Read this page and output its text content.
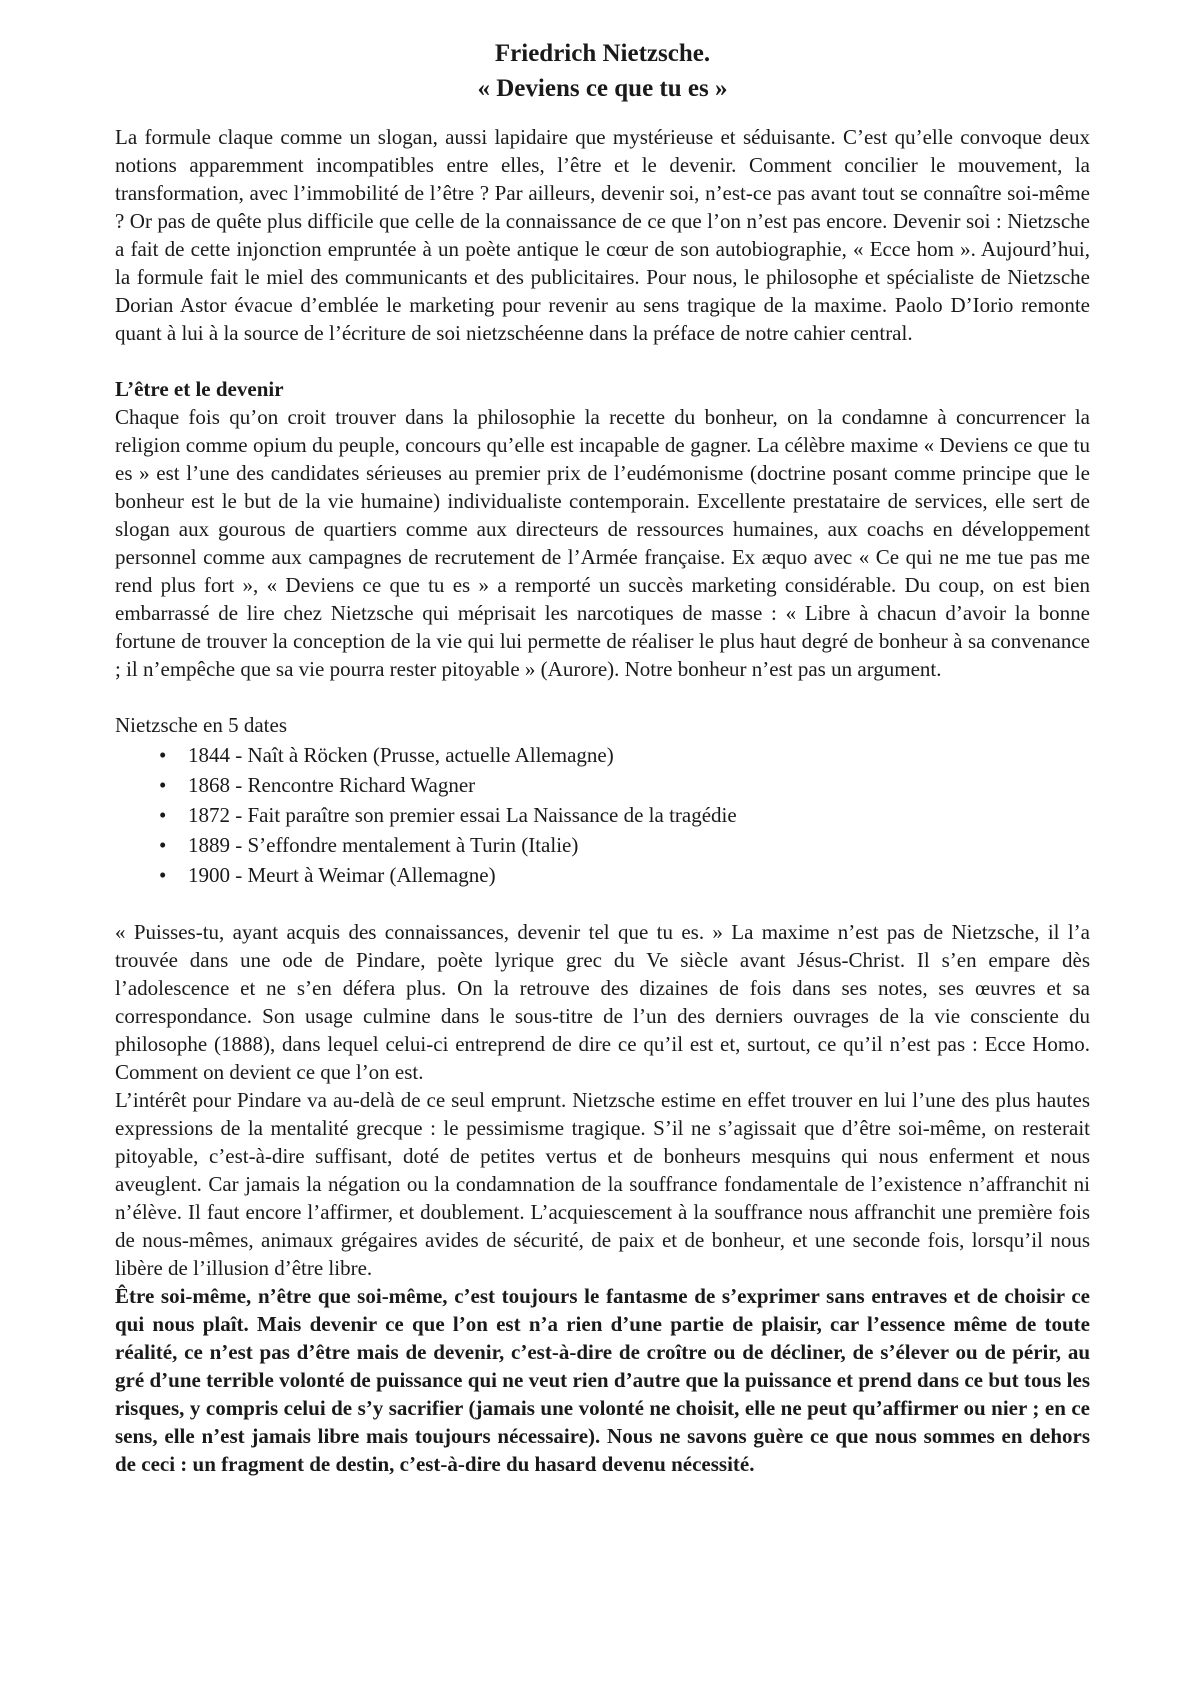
Friedrich Nietzsche.
« Deviens ce que tu es »

La formule claque comme un slogan, aussi lapidaire que mystérieuse et séduisante. C’est qu’elle convoque deux notions apparemment incompatibles entre elles, l’être et le devenir. Comment concilier le mouvement, la transformation, avec l’immobilité de l’être ? Par ailleurs, devenir soi, n’est-ce pas avant tout se connaître soi-même ? Or pas de quête plus difficile que celle de la connaissance de ce que l’on n’est pas encore. Devenir soi : Nietzsche a fait de cette injonction empruntée à un poète antique le cœur de son autobiographie, « Ecce hom ». Aujourd’hui, la formule fait le miel des communicants et des publicitaires. Pour nous, le philosophe et spécialiste de Nietzsche Dorian Astor évacue d’emblée le marketing pour revenir au sens tragique de la maxime. Paolo D’Iorio remonte quant à lui à la source de l’écriture de soi nietzschéenne dans la préface de notre cahier central.

L’être et le devenir

Chaque fois qu’on croit trouver dans la philosophie la recette du bonheur, on la condamne à concurrencer la religion comme opium du peuple, concours qu’elle est incapable de gagner. La célèbre maxime « Deviens ce que tu es » est l’une des candidates sérieuses au premier prix de l’eudémonisme (doctrine posant comme principe que le bonheur est le but de la vie humaine) individualiste contemporain. Excellente prestataire de services, elle sert de slogan aux gourous de quartiers comme aux directeurs de ressources humaines, aux coachs en développement personnel comme aux campagnes de recrutement de l’Armée française. Ex æquo avec « Ce qui ne me tue pas me rend plus fort », « Deviens ce que tu es » a remporté un succès marketing considérable. Du coup, on est bien embarrassé de lire chez Nietzsche qui méprisait les narcotiques de masse : « Libre à chacun d’avoir la bonne fortune de trouver la conception de la vie qui lui permette de réaliser le plus haut degré de bonheur à sa convenance ; il n’empêche que sa vie pourra rester pitoyable » (Aurore). Notre bonheur n’est pas un argument.

Nietzsche en 5 dates

• 1844 - Naît à Röcken (Prusse, actuelle Allemagne)
• 1868 - Rencontre Richard Wagner
• 1872 - Fait paraître son premier essai La Naissance de la tragédie
• 1889 - S’effondre mentalement à Turin (Italie)
• 1900 - Meurt à Weimar (Allemagne)

« Puisses-tu, ayant acquis des connaissances, devenir tel que tu es. » La maxime n’est pas de Nietzsche, il l’a trouvée dans une ode de Pindare, poète lyrique grec du Ve siècle avant Jésus-Christ. Il s’en empare dès l’adolescence et ne s’en défera plus. On la retrouve des dizaines de fois dans ses notes, ses œuvres et sa correspondance. Son usage culmine dans le sous-titre de l’un des derniers ouvrages de la vie consciente du philosophe (1888), dans lequel celui-ci entreprend de dire ce qu’il est et, surtout, ce qu’il n’est pas : Ecce Homo. Comment on devient ce que l’on est.

L’intérêt pour Pindare va au-delà de ce seul emprunt. Nietzsche estime en effet trouver en lui l’une des plus hautes expressions de la mentalité grecque : le pessimisme tragique. S’il ne s’agissait que d’être soi-même, on resterait pitoyable, c’est-à-dire suffisant, doté de petites vertus et de bonheurs mesquins qui nous enferment et nous aveuglent. Car jamais la négation ou la condamnation de la souffrance fondamentale de l’existence n’affranchit ni n’élève. Il faut encore l’affirmer, et doublement. L’acquiescement à la souffrance nous affranchit une première fois de nous-mêmes, animaux grégaires avides de sécurité, de paix et de bonheur, et une seconde fois, lorsqu’il nous libère de l’illusion d’être libre.

Être soi-même, n’être que soi-même, c’est toujours le fantasme de s’exprimer sans entraves et de choisir ce qui nous plaît. Mais devenir ce que l’on est n’a rien d’une partie de plaisir, car l’essence même de toute réalité, ce n’est pas d’être mais de devenir, c’est-à-dire de croître ou de décliner, de s’élever ou de périr, au gré d’une terrible volonté de puissance qui ne veut rien d’autre que la puissance et prend dans ce but tous les risques, y compris celui de s’y sacrifier (jamais une volonté ne choisit, elle ne peut qu’affirmer ou nier ; en ce sens, elle n’est jamais libre mais toujours nécessaire). Nous ne savons guère ce que nous sommes en dehors de ceci : un fragment de destin, c’est-à-dire du hasard devenu nécessité.
